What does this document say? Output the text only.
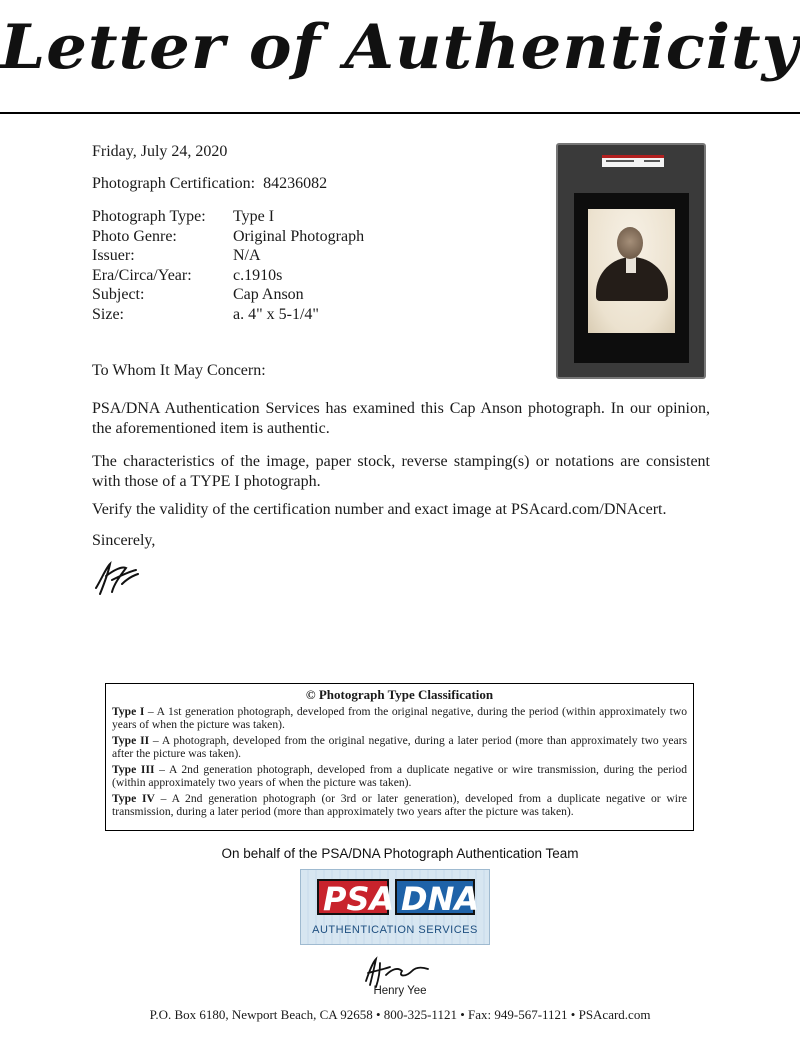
Letter of Authenticity
Friday, July 24, 2020
Photograph Certification: 84236082
Photograph Type:	Type I
Photo Genre:	Original Photograph
Issuer:	N/A
Era/Circa/Year:	c.1910s
Subject:	Cap Anson
Size:	a. 4" x 5-1/4"
To Whom It May Concern:
PSA/DNA Authentication Services has examined this Cap Anson photograph. In our opinion, the aforementioned item is authentic.
The characteristics of the image, paper stock, reverse stamping(s) or notations are consistent with those of a TYPE I photograph.
Verify the validity of the certification number and exact image at PSAcard.com/DNAcert.
Sincerely,
© Photograph Type Classification
Type I – A 1st generation photograph, developed from the original negative, during the period (within approximately two years of when the picture was taken).
Type II – A photograph, developed from the original negative, during a later period (more than approximately two years after the picture was taken).
Type III – A 2nd generation photograph, developed from a duplicate negative or wire transmission, during the period (within approximately two years of when the picture was taken).
Type IV – A 2nd generation photograph (or 3rd or later generation), developed from a duplicate negative or wire transmission, during a later period (more than approximately two years after the picture was taken).
On behalf of the PSA/DNA Photograph Authentication Team
PSA DNA
AUTHENTICATION SERVICES
Henry Yee
P.O. Box 6180, Newport Beach, CA 92658 • 800-325-1121 • Fax: 949-567-1121 • PSAcard.com
